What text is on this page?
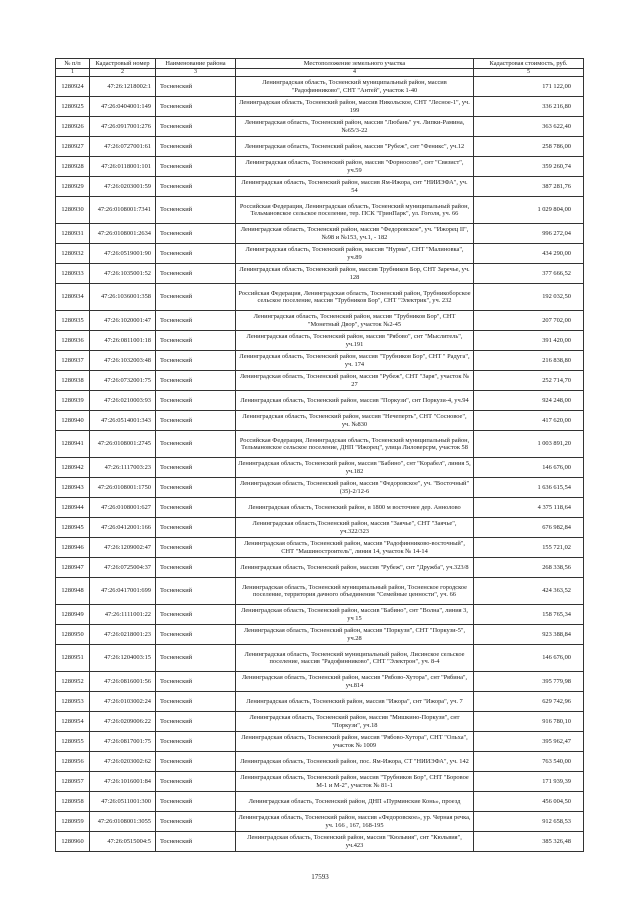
№ п/п	Кадастровый номер	Наименование района	Местоположение земельного участка	Кадастровая стоимость, руб.
1	2	3	4	5
1280924	47:26:1218002:1	Тосненский	Ленинградская область, Тосненский муниципальный район, массив "Радофинниково", СНТ "Антей", участок 1-40	171 122,00
1280925	47:26:0404001:149	Тосненский	Ленинградская область, Тосненский район, массив Никольское, СНТ "Лесное-1", уч. 199	336 216,80
1280926	47:26:0917001:276	Тосненский	Ленинградская область, Тосненский район, массив "Любань" уч. Липки-Рамина, №65/3-22	363 622,40
1280927	47:26:0727001:61	Тосненский	Ленинградская область, Тосненский район, массив "Рубеж", снт "Феникс", уч.12	258 786,00
1280928	47:26:0118001:101	Тосненский	Ленинградская область, Тосненский район, массив "Форносово", снт "Связист", уч.59	359 260,74
1280929	47:26:0203001:59	Тосненский	Ленинградская область, Тосненский район, массив Ям-Ижора, снт "НИИЭФА", уч. 54	387 281,76
1280930	47:26:0108001:7341	Тосненский	Российская Федерация, Ленинградская область, Тосненский муниципальный район, Тельмановское сельское поселение, тер. ПСК "ГринПарк", ул. Гоголя, уч. 66	1 029 804,00
1280931	47:26:0108001:2634	Тосненский	Ленинградская область, Тосненский район, массив "Федоровское", уч. "Ижорец II", №98 и №153, уч.1, - 182	996 272,04
1280932	47:26:0519001:90	Тосненский	Ленинградская область, Тосненский район, массив "Нурма", СНТ "Малиновка", уч.89	434 290,00
1280933	47:26:1035001:52	Тосненский	Ленинградская область, Тосненский район, массив Трубников Бор, СНТ Заречье, уч. 128	377 666,52
1280934	47:26:1036001:358	Тосненский	Российская Федерация, Ленинградская область, Тосненский район, Трубникоборское сельское поселение, массив "Трубников Бор", СНТ "Электрик", уч. 232	192 032,50
1280935	47:26:1020001:47	Тосненский	Ленинградская область, Тосненский район, массив "Трубников Бор", СНТ "Монетный Двор", участок №2-45	207 702,00
1280936	47:26:0811001:18	Тосненский	Ленинградская область, Тосненский район, массив "Рябово", снт "Мыслитель", уч.191	391 420,00
1280937	47:26:1032003:48	Тосненский	Ленинградская область, Тосненский район, массив "Трубников Бор", СНТ " Радуга", уч. 174	216 838,80
1280938	47:26:0732001:75	Тосненский	Ленинградская область, Тосненский район, массив "Рубеж", СНТ "Заря", участок № 27	252 714,70
1280939	47:26:0210003:93	Тосненский	Ленинградская область, Тосненский район, массив "Поркузи", снт Поркузи-4, уч.94	924 248,00
1280940	47:26:0514001:343	Тосненский	Ленинградская область, Тосненский район, массив "Нечеперть", СНТ "Сосновое", уч. №830	417 620,00
1280941	47:26:0108001:2745	Тосненский	Российская Федерация, Ленинградская область, Тосненский муниципальный район, Тельмановское сельское поселение, ДНП "Ижорец", улица Лиловерсрм, участок 58	1 003 891,20
1280942	47:26:1117003:23	Тосненский	Ленинградская область, Тосненский район, массив "Бабино", снт "Корабел", линия 5, уч.182	146 676,00
1280943	47:26:0108001:1750	Тосненский	Ленинградская область, Тосненский район, массив "Федоровское", уч. "Восточный" (35)-2/12-6	1 636 615,54
1280944	47:26:0108001:627	Тосненский	Ленинградская область, Тосненский район, в 1800 м восточнее дер. Аннолово	4 375 118,64
1280945	47:26:0412001:166	Тосненский	Ленинградская область,Тосненский район, массив "Заячье", СНТ "Заячье", уч.322/323	676 982,84
1280946	47:26:1209002:47	Тосненский	Ленинградская область, Тосненский район, массив "Радофинниково-восточный", СНТ "Машиностроитель", линия 14, участок № 14-14	155 721,02
1280947	47:26:0725004:37	Тосненский	Ленинградская область, Тосненский район, массив "Рубеж", снт "Дружба", уч.323/8	268 338,56
1280948	47:26:0417001:699	Тосненский	Ленинградская область, Тосненский муниципальный район, Тосненское городское поселение, территория дачного объединения "Семейные ценности", уч. 66	424 363,52
1280949	47:26:1111001:22	Тосненский	Ленинградская область, Тосненский район, массив "Бабино", снт "Волна", линия 3, уч 15	158 765,34
1280950	47:26:0218001:23	Тосненский	Ленинградская область, Тосненский район, массив "Поркузи", СНТ "Поркузи-5", уч.28	923 388,84
1280951	47:26:1204003:15	Тосненский	Ленинградская область, Тосненский муниципальный район, Лисинское сельское поселение, массив "Радофинниково", СНТ "Электрон", уч. 8-4	146 676,00
1280952	47:26:0816001:56	Тосненский	Ленинградская область, Тосненский район, массив "Рябово-Хутора", снт "Рябина", уч.814	395 779,98
1280953	47:26:0103002:24	Тосненский	Ленинградская область, Тосненский район, массив "Ижора", снт "Ижора", уч. 7	629 742,96
1280954	47:26:0209006:22	Тосненский	Ленинградская область, Тосненский район, массив "Мишкино-Поркузи", снт "Поркузи", уч.18	916 780,10
1280955	47:26:0817001:75	Тосненский	Ленинградская область, Тосненский район, массив "Рябово-Хутора", СНТ "Ольха", участок № 1009	395 962,47
1280956	47:26:0203002:62	Тосненский	Ленинградская область, Тосненский район, пос. Ям-Ижора, СТ "НИИЭФА", уч. 142	763 540,00
1280957	47:26:1016001:84	Тосненский	Ленинградская область, Тосненский район, массив "Трубников Бор", СНТ "Боровое М-1 и М-2", участок № 81-1	171 939,39
1280958	47:26:0511001:300	Тосненский	Ленинградская область, Тосненский район, ДНП «Пурминские Конь», проезд	456 004,50
1280959	47:26:0108001:3055	Тосненский	Ленинградская область, Тосненский район, массив «Федоровское», ур. Черная речка, уч. 166 , 167, 168-195	912 658,53
1280960	47:26:0515004:5	Тосненский	Ленинградская область, Тосненский район, массив "Кюльвия", снт "Кюльвия", уч.423	385 326,48
17593
